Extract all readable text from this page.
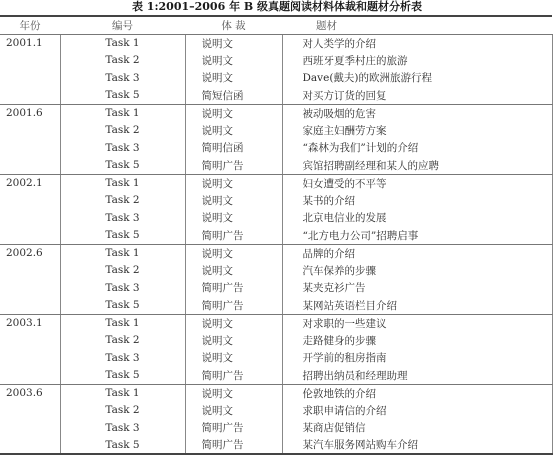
表 1:2001–2006 年 B 级真题阅读材料体裁和题材分析表
年份	编号	体 裁	题材
2001.1	Task 1	说明文	对人类学的介绍
	Task 2	说明文	西班牙夏季村庄的旅游
	Task 3	说明文	Dave(戴夫)的欧洲旅游行程
	Task 5	简短信函	对买方订货的回复
2001.6	Task 1	说明文	被动吸烟的危害
	Task 2	说明文	家庭主妇酬劳方案
	Task 3	简明信函	“森林为我们”计划的介绍
	Task 5	简明广告	宾馆招聘副经理和某人的应聘
2002.1	Task 1	说明文	妇女遭受的不平等
	Task 2	说明文	某书的介绍
	Task 3	说明文	北京电信业的发展
	Task 5	简明广告	“北方电力公司”招聘启事
2002.6	Task 1	说明文	品牌的介绍
	Task 2	说明文	汽车保养的步骤
	Task 3	简明广告	某夹克衫广告
	Task 5	简明广告	某网站英语栏目介绍
2003.1	Task 1	说明文	对求职的一些建议
	Task 2	说明文	走路健身的步骤
	Task 3	说明文	开学前的租房指南
	Task 5	简明广告	招聘出纳员和经理助理
2003.6	Task 1	说明文	伦敦地铁的介绍
	Task 2	说明文	求职申请信的介绍
	Task 3	简明广告	某商店促销信
	Task 5	简明广告	某汽车服务网站购车介绍
